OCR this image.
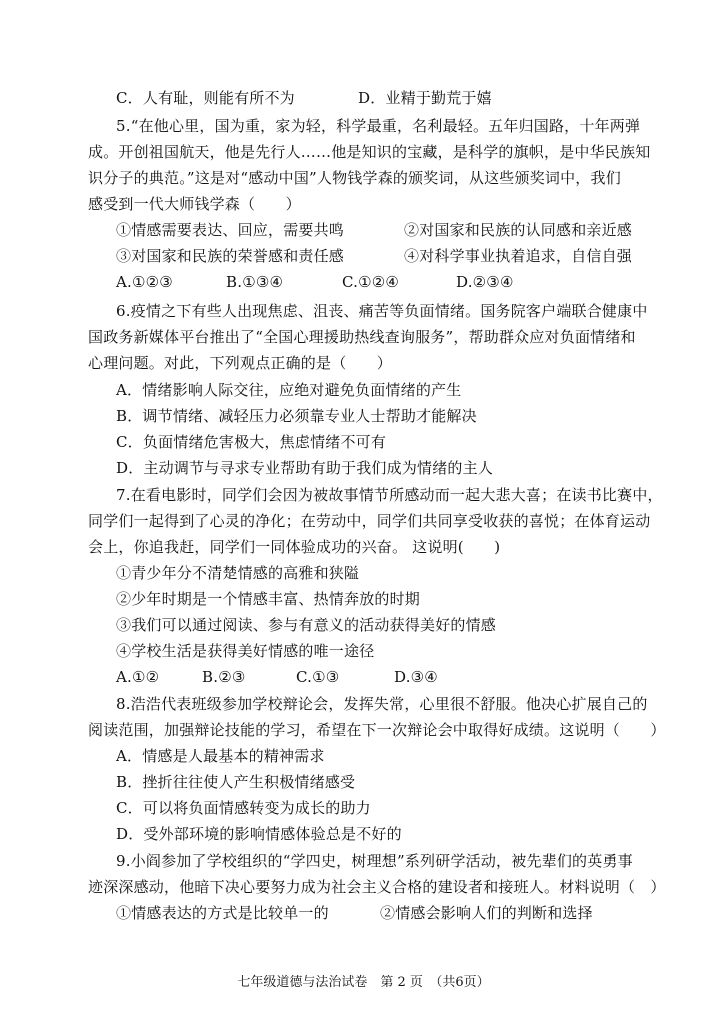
C．人有耻，则能有所不为	D．业精于勤荒于嬉
5.“在他心里，国为重，家为轻，科学最重，名利最轻。五年归国路，十年两弹
成。开创祖国航天，他是先行人……他是知识的宝藏，是科学的旗帜，是中华民族知
识分子的典范。”这是对“感动中国”人物钱学森的颁奖词，从这些颁奖词中，我们
感受到一代大师钱学森（　　）
①情感需要表达、回应，需要共鸣	②对国家和民族的认同感和亲近感
③对国家和民族的荣誉感和责任感	④对科学事业执着追求，自信自强
A.①②③	B.①③④	C.①②④	D.②③④
6.疫情之下有些人出现焦虑、沮丧、痛苦等负面情绪。国务院客户端联合健康中
国政务新媒体平台推出了“全国心理援助热线查询服务”，帮助群众应对负面情绪和
心理问题。对此，下列观点正确的是（　　）
A．情绪影响人际交往，应绝对避免负面情绪的产生
B．调节情绪、减轻压力必须靠专业人士帮助才能解决
C．负面情绪危害极大，焦虑情绪不可有
D．主动调节与寻求专业帮助有助于我们成为情绪的主人
7.在看电影时，同学们会因为被故事情节所感动而一起大悲大喜；在读书比赛中，
同学们一起得到了心灵的净化；在劳动中，同学们共同享受收获的喜悦；在体育运动
会上，你追我赶，同学们一同体验成功的兴奋。 这说明(　　)
①青少年分不清楚情感的高雅和狭隘
②少年时期是一个情感丰富、热情奔放的时期
③我们可以通过阅读、参与有意义的活动获得美好的情感
④学校生活是获得美好情感的唯一途径
A.①②	B.②③	C.①③	D.③④
8.浩浩代表班级参加学校辩论会，发挥失常，心里很不舒服。他决心扩展自己的
阅读范围，加强辩论技能的学习，希望在下一次辩论会中取得好成绩。这说明（　　）
A．情感是人最基本的精神需求
B．挫折往往使人产生积极情绪感受
C．可以将负面情感转变为成长的助力
D．受外部环境的影响情感体验总是不好的
9.小阎参加了学校组织的“学四史，树理想”系列研学活动，被先辈们的英勇事
迹深深感动，他暗下决心要努力成为社会主义合格的建设者和接班人。材料说明（　）
①情感表达的方式是比较单一的	②情感会影响人们的判断和选择
七年级道德与法治试卷　第 2 页　（共6页）
